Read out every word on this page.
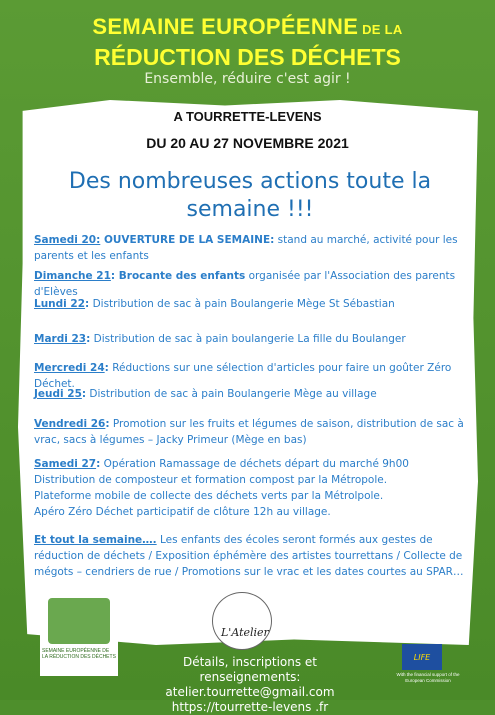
SEMAINE EUROPÉENNE DE LA
RÉDUCTION DES DÉCHETS
Ensemble, réduire c'est agir !
A TOURRETTE-LEVENS
DU 20 AU 27 NOVEMBRE 2021
Des nombreuses actions toute la
semaine !!!
Samedi 20: OUVERTURE DE LA SEMAINE: stand au marché, activité pour les parents et les enfants
Dimanche 21: Brocante des enfants organisée par l'Association des parents d'Elèves
Lundi 22: Distribution de sac à pain Boulangerie Mège St Sébastian
Mardi 23: Distribution de sac à pain boulangerie La fille du Boulanger
Mercredi 24: Réductions sur une sélection d'articles pour faire un goûter Zéro Déchet.
Jeudi 25: Distribution de sac à pain Boulangerie Mège au village
Vendredi 26: Promotion sur les fruits et légumes de saison, distribution de sac à vrac, sacs à légumes – Jacky Primeur (Mège en bas)
Samedi 27: Opération Ramassage de déchets départ du marché 9h00
Distribution de composteur et formation compost par la Métropole.
Plateforme mobile de collecte des déchets verts par la Métrolpole.
Apéro Zéro Déchet participatif de clôture 12h au village.
Et tout la semaine…. Les enfants des écoles seront formés aux gestes de réduction de déchets / Exposition éphémère des artistes tourrettans / Collecte de mégots – cendriers de rue / Promotions sur le vrac et les dates courtes au SPAR…
SEMAINE EUROPÉENNE DE LA RÉDUCTION DES DÉCHETS
L'Atelier
Détails, inscriptions et renseignements:
atelier.tourrette@gmail.com
https://tourrette-levens .fr
LIFE
With the financial support of the European Commission
